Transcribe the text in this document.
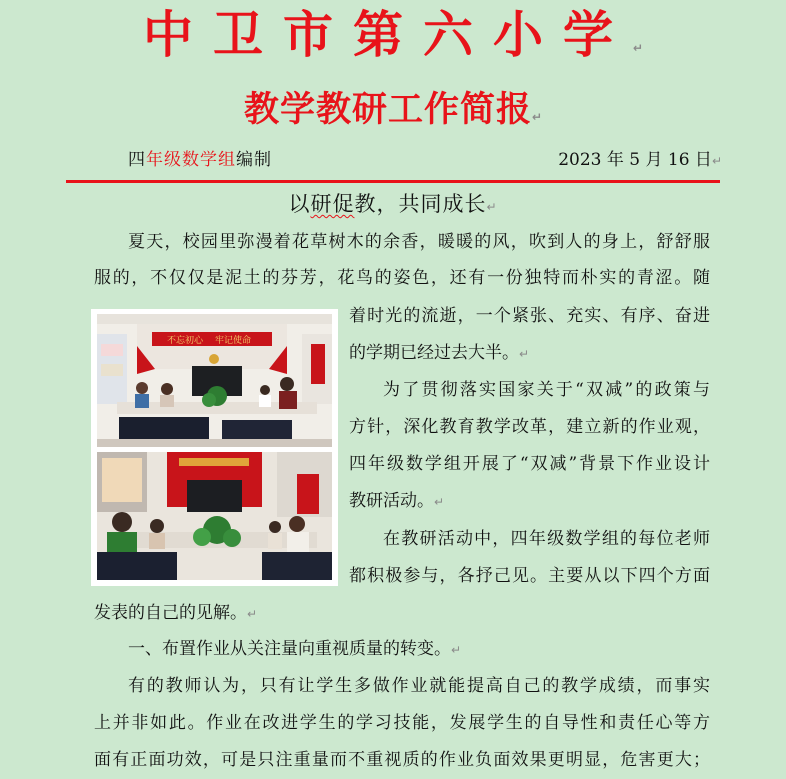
中卫市第六小学↵
教学教研工作简报↵
四年级数学组编制	2023 年 5 月 16 日↵
以研促教，共同成长↵
夏天，校园里弥漫着花草树木的余香，暖暖的风，吹到人的身上，舒舒服
服的，不仅仅是泥土的芬芳，花鸟的姿色，还有一份独特而朴实的青涩。随
着时光的流逝，一个紧张、充实、有序、奋进
的学期已经过去大半。↵
为了贯彻落实国家关于“双减”的政策与
方针，深化教育教学改革，建立新的作业观，
四年级数学组开展了“双减”背景下作业设计
教研活动。↵
在教研活动中，四年级数学组的每位老师
都积极参与，各抒己见。主要从以下四个方面
发表的自己的见解。↵
一、布置作业从关注量向重视质量的转变。↵
有的教师认为，只有让学生多做作业就能提高自己的教学成绩，而事实
上并非如此。作业在改进学生的学习技能，发展学生的自导性和责任心等方
面有正面功效，可是只注重量而不重视质的作业负面效果更明显，危害更大；
不忘初心 牢记使命
